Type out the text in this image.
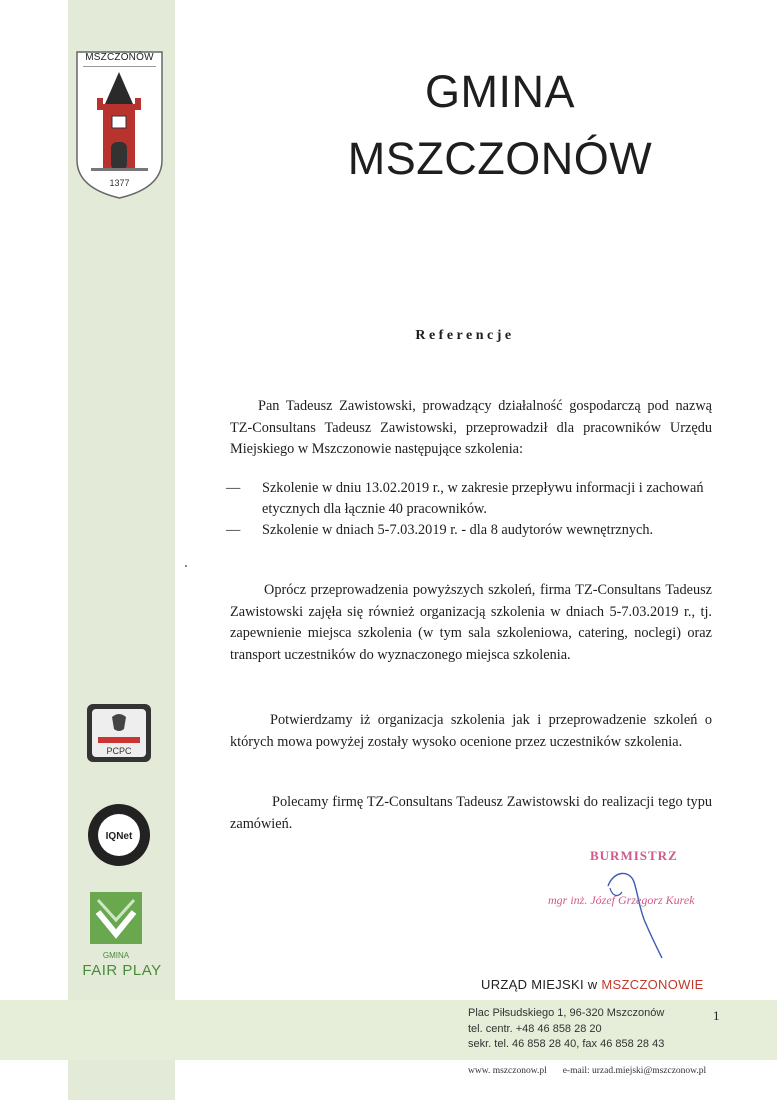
MSZCZONÓW
1377
GMINA
MSZCZONÓW
Referencje

Pan Tadeusz Zawistowski, prowadzący działalność gospodarczą pod nazwą TZ-Consultans Tadeusz Zawistowski, przeprowadził dla pracowników Urzędu Miejskiego w Mszczonowie następujące szkolenia:

— Szkolenie w dniu 13.02.2019 r., w zakresie przepływu informacji i zachowań etycznych dla łącznie 40 pracowników.

— Szkolenie w dniach 5-7.03.2019 r. - dla 8 audytorów wewnętrznych.

Oprócz przeprowadzenia powyższych szkoleń, firma TZ-Consultans Tadeusz Zawistowski zajęła się również organizacją szkolenia w dniach 5-7.03.2019 r., tj. zapewnienie miejsca szkolenia (w tym sala szkoleniowa, catering, noclegi) oraz transport uczestników do wyznaczonego miejsca szkolenia.

Potwierdzamy iż organizacja szkolenia jak i przeprowadzenie szkoleń o których mowa powyżej zostały wysoko ocenione przez uczestników szkolenia.

Polecamy firmę TZ-Consultans Tadeusz Zawistowski do realizacji tego typu zamówień.

BURMISTRZ
mgr inż. Józef Grzegorz Kurek
PCPC
IQNet
GMINA
FAIR PLAY
URZĄD MIEJSKI w MSZCZONOWIE
Plac Piłsudskiego 1, 96-320 Mszczonów
tel. centr. +48 46 858 28 20
sekr. tel. 46 858 28 40, fax 46 858 28 43
1
www. mszczonow.pl e-mail: urzad.miejski@mszczonow.pl
